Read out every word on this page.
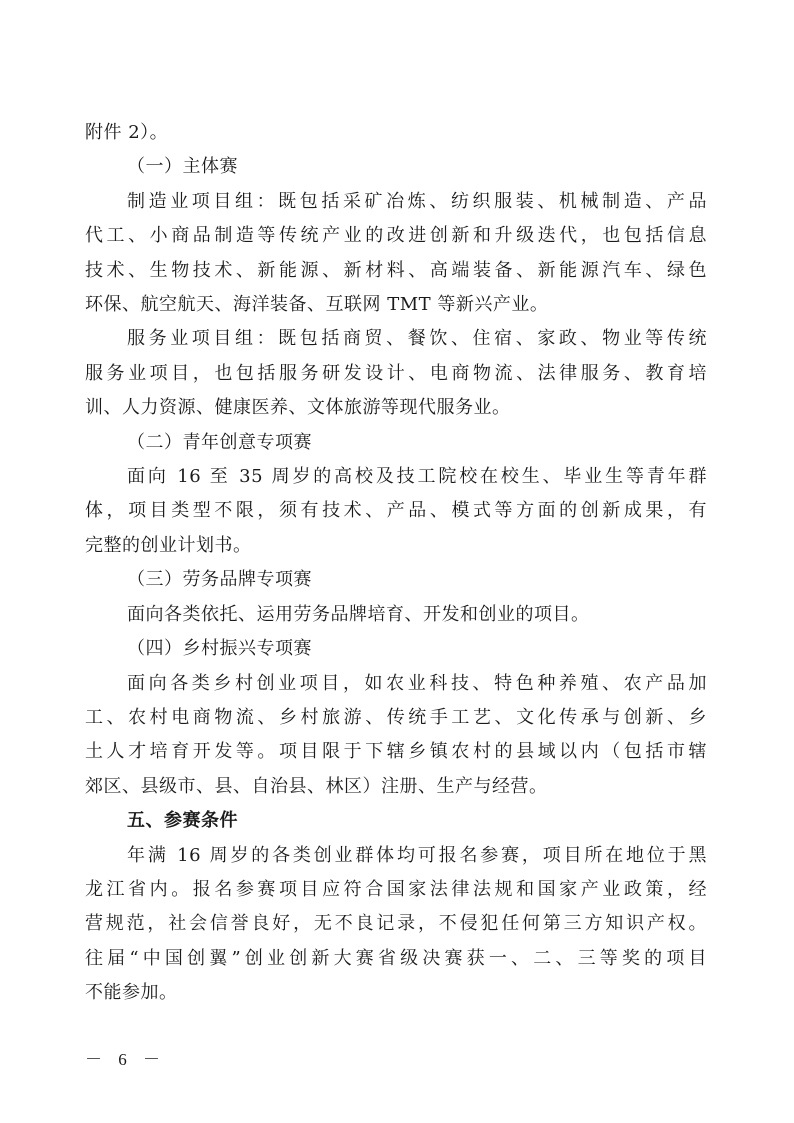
附件 2）。
（一）主体赛
制造业项目组：既包括采矿冶炼、纺织服装、机械制造、产品
代工、小商品制造等传统产业的改进创新和升级迭代，也包括信息
技术、生物技术、新能源、新材料、高端装备、新能源汽车、绿色
环保、航空航天、海洋装备、互联网 TMT 等新兴产业。
服务业项目组：既包括商贸、餐饮、住宿、家政、物业等传统
服务业项目，也包括服务研发设计、电商物流、法律服务、教育培
训、人力资源、健康医养、文体旅游等现代服务业。
（二）青年创意专项赛
面向 16 至 35 周岁的高校及技工院校在校生、毕业生等青年群
体，项目类型不限，须有技术、产品、模式等方面的创新成果，有
完整的创业计划书。
（三）劳务品牌专项赛
面向各类依托、运用劳务品牌培育、开发和创业的项目。
（四）乡村振兴专项赛
面向各类乡村创业项目，如农业科技、特色种养殖、农产品加
工、农村电商物流、乡村旅游、传统手工艺、文化传承与创新、乡
土人才培育开发等。项目限于下辖乡镇农村的县域以内（包括市辖
郊区、县级市、县、自治县、林区）注册、生产与经营。
五、参赛条件
年满 16 周岁的各类创业群体均可报名参赛，项目所在地位于黑
龙江省内。报名参赛项目应符合国家法律法规和国家产业政策，经
营规范，社会信誉良好，无不良记录，不侵犯任何第三方知识产权。
往届“中国创翼”创业创新大赛省级决赛获一、二、三等奖的项目
不能参加。
－ 6 －
